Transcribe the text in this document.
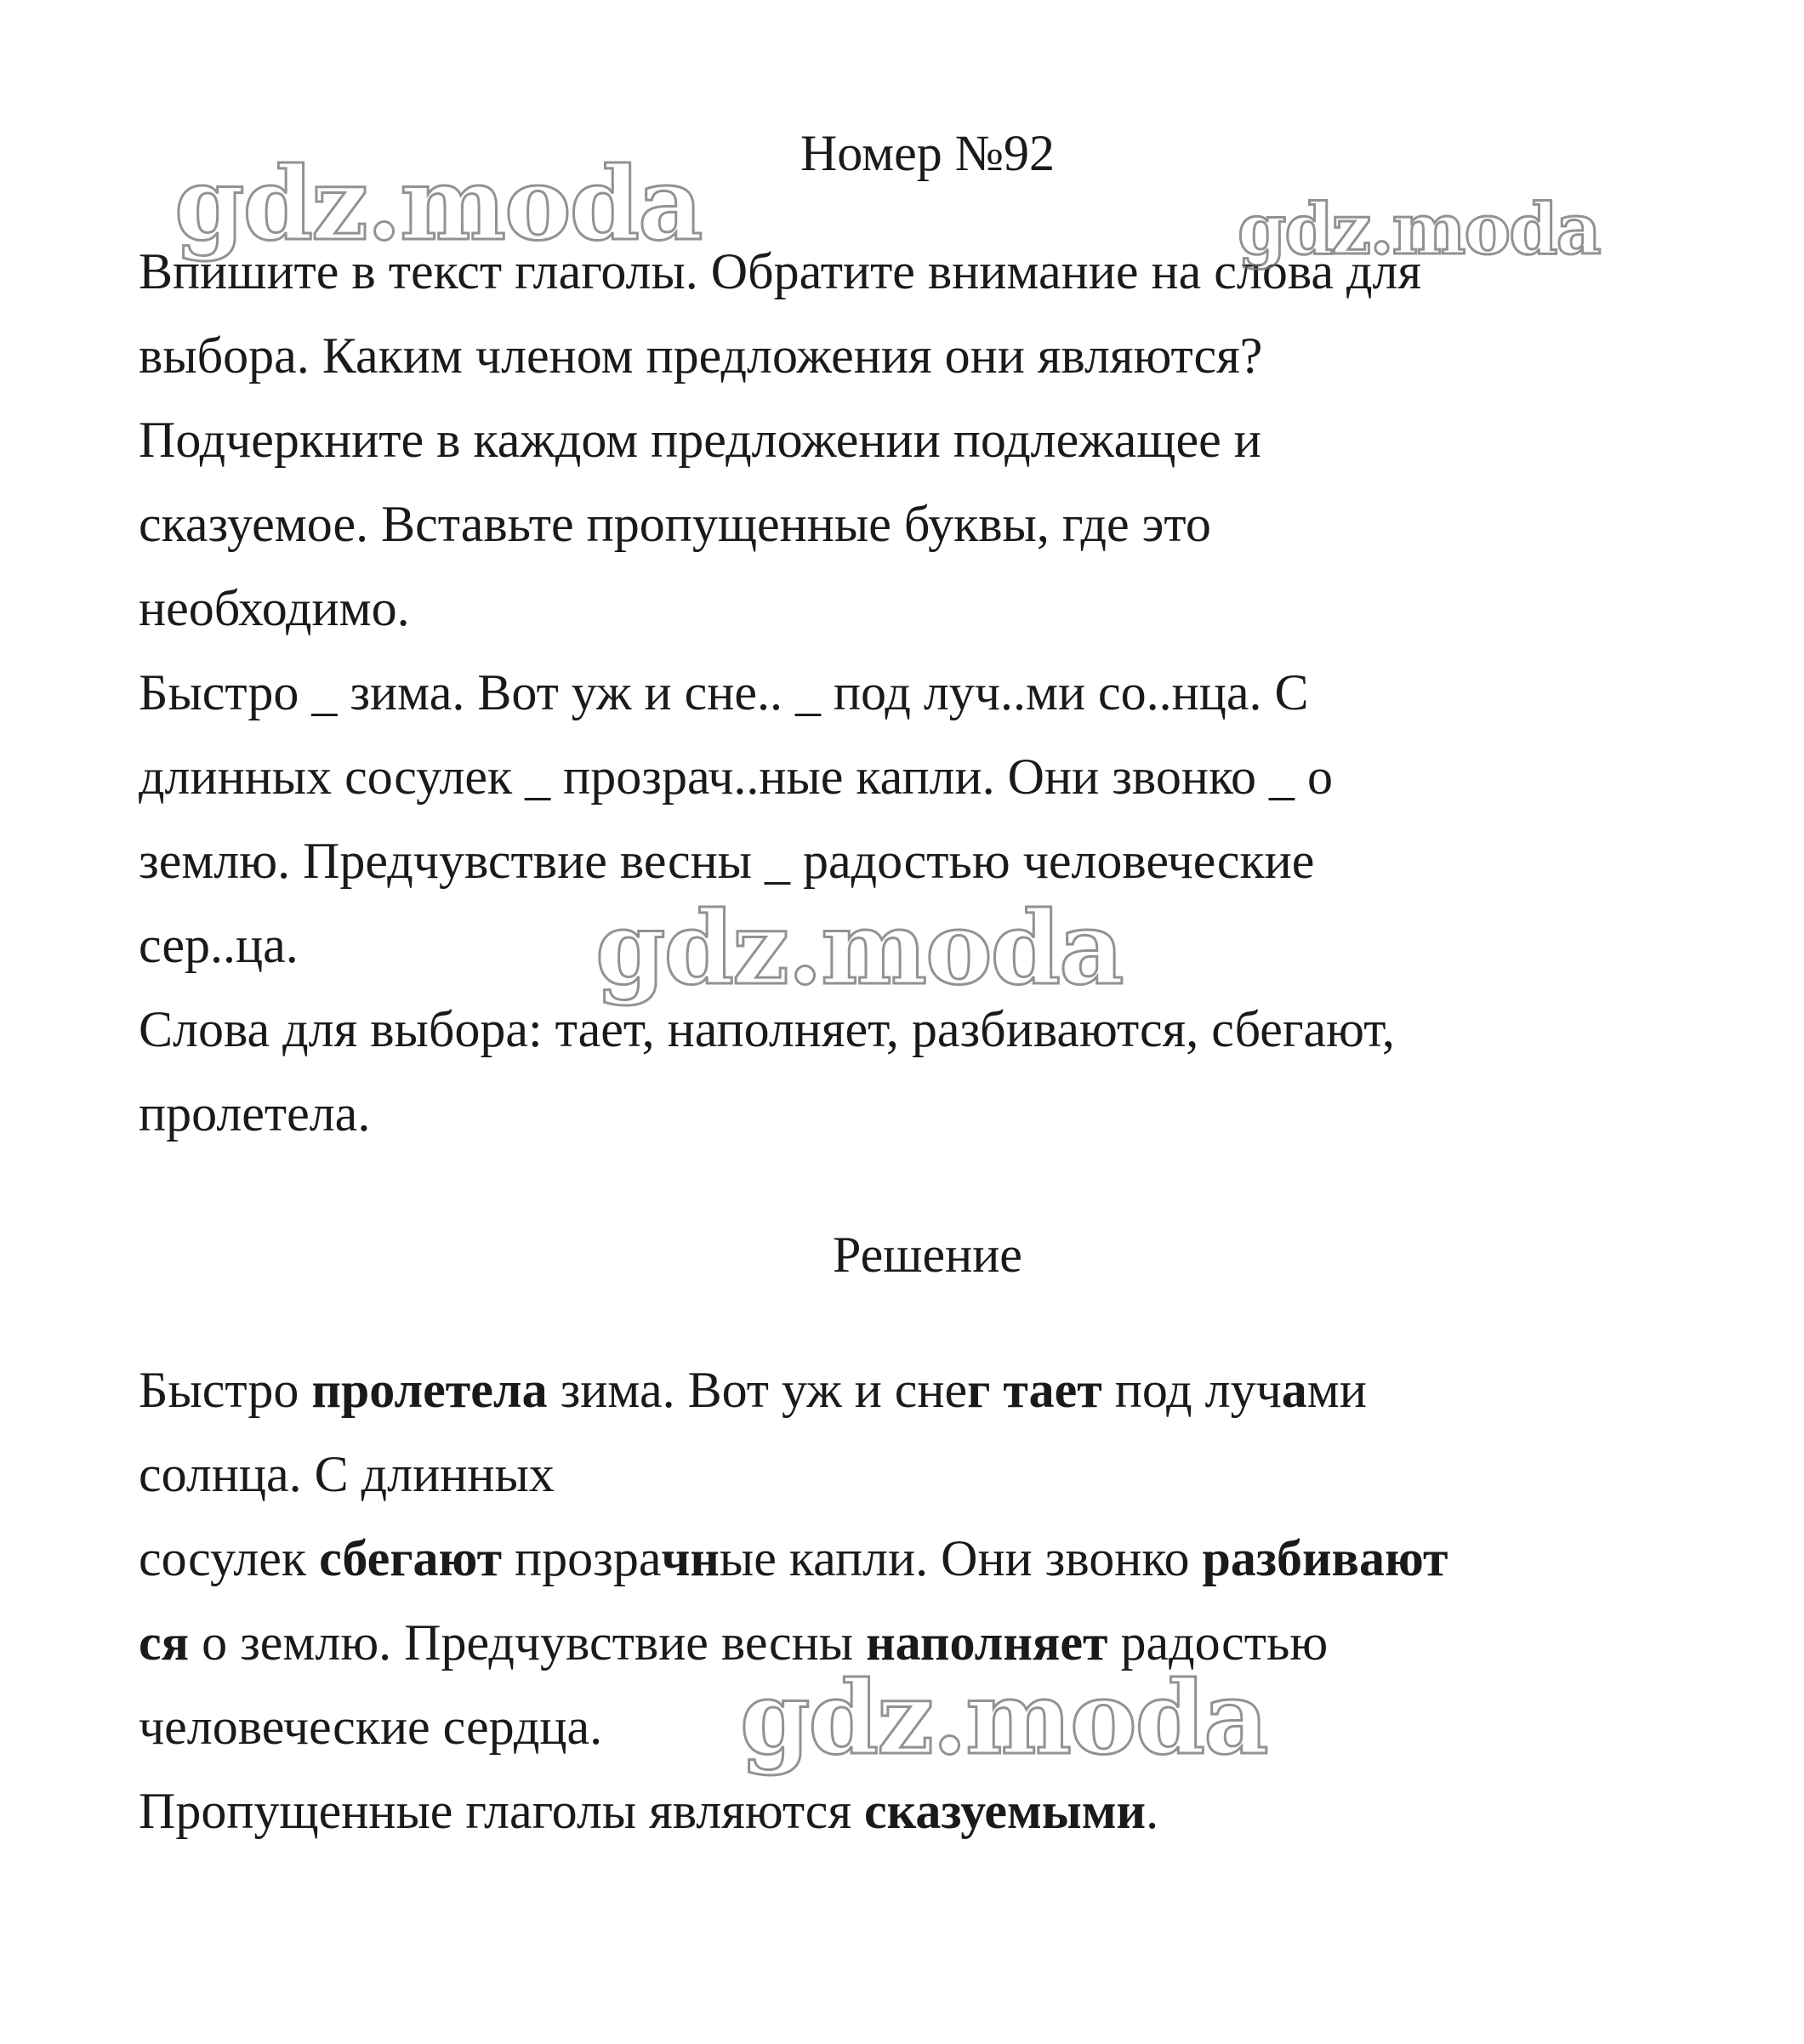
Номер №92
Впишите в текст глаголы. Обратите внимание на слова для
выбора. Каким членом предложения они являются?
Подчеркните в каждом предложении подлежащее и
сказуемое. Вставьте пропущенные буквы, где это
необходимо.
Быстро _ зима. Вот уж и сне.. _ под луч..ми со..нца. С
длинных сосулек _ прозрач..ные капли. Они звонко _ о
землю. Предчувствие весны _ радостью человеческие
сер..ца.
Слова для выбора: тает, наполняет, разбиваются, сбегают,
пролетела.
Решение
Быстро пролетела зима. Вот уж и снег тает под лучами
солнца. С длинных
сосулек сбегают прозрачные капли. Они звонко разбивают
ся о землю. Предчувствие весны наполняет радостью
человеческие сердца.
Пропущенные глаголы являются сказуемыми.
gdz.moda	gdz.moda
gdz.moda
gdz.moda
